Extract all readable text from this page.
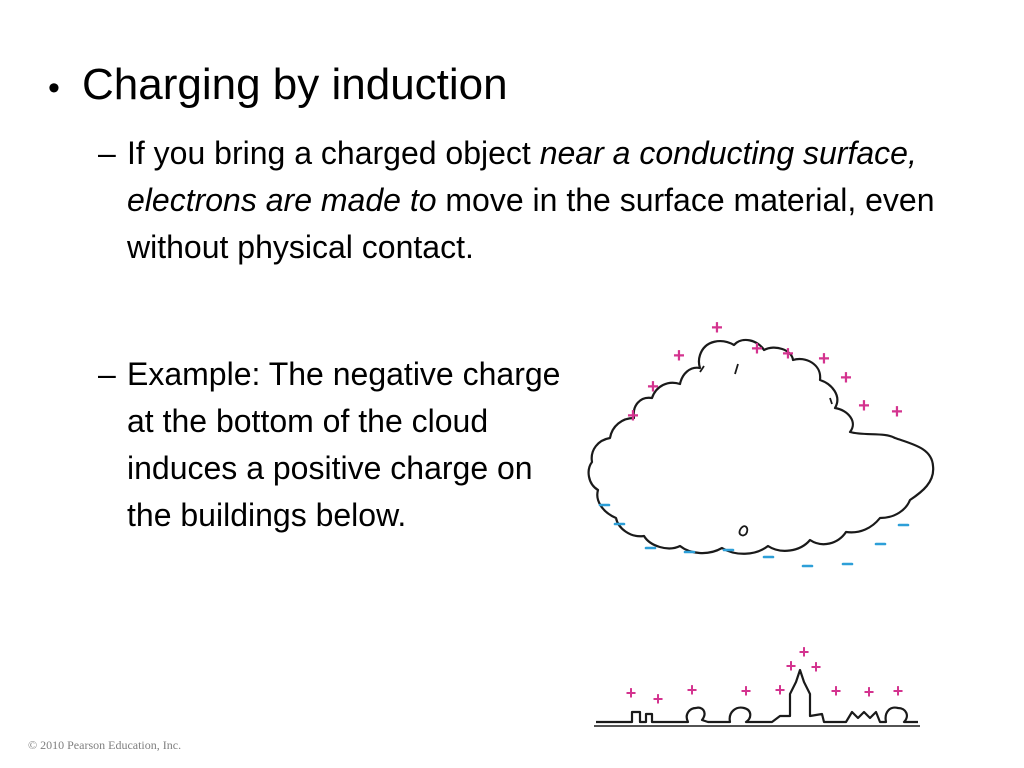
• Charging by induction
– If you bring a charged object near a conducting surface, electrons are made to move in the surface material, even without physical contact.
– Example: The negative charge at the bottom of the cloud induces a positive charge on the buildings below.
+
+	+ + +
+
+
+ +
+
+ + + + +
+
+
+
+ + +
© 2010 Pearson Education, Inc.
